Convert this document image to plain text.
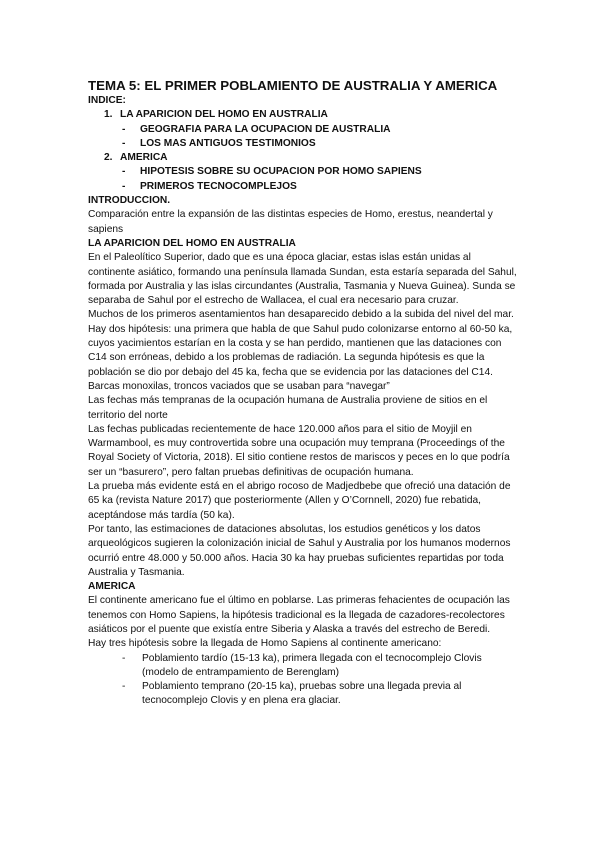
TEMA 5: EL PRIMER POBLAMIENTO DE AUSTRALIA Y AMERICA

INDICE:

1. LA APARICION DEL HOMO EN AUSTRALIA
- GEOGRAFIA PARA LA OCUPACION DE AUSTRALIA
- LOS MAS ANTIGUOS TESTIMONIOS
2. AMERICA
- HIPOTESIS SOBRE SU OCUPACION POR HOMO SAPIENS
- PRIMEROS TECNOCOMPLEJOS

INTRODUCCION.

Comparación entre la expansión de las distintas especies de Homo, erestus, neandertal y sapiens

LA APARICION DEL HOMO EN AUSTRALIA

En el Paleolítico Superior, dado que es una época glaciar, estas islas están unidas al continente asiático, formando una península llamada Sundan, esta estaría separada del Sahul, formada por Australia y las islas circundantes (Australia, Tasmania y Nueva Guinea). Sunda se separaba de Sahul por el estrecho de Wallacea, el cual era necesario para cruzar.

Muchos de los primeros asentamientos han desaparecido debido a la subida del nivel del mar. Hay dos hipótesis: una primera que habla de que Sahul pudo colonizarse entorno al 60-50 ka, cuyos yacimientos estarían en la costa y se han perdido, mantienen que las dataciones con C14 son erróneas, debido a los problemas de radiación. La segunda hipótesis es que la población se dio por debajo del 45 ka, fecha que se evidencia por las dataciones del C14.

Barcas monoxilas, troncos vaciados que se usaban para “navegar”

Las fechas más tempranas de la ocupación humana de Australia proviene de sitios en el territorio del norte

Las fechas publicadas recientemente de hace 120.000 años para el sitio de Moyjil en Warmambool, es muy controvertida sobre una ocupación muy temprana (Proceedings of the Royal Society of Victoria, 2018). El sitio contiene restos de mariscos y peces en lo que podría ser un “basurero”, pero faltan pruebas definitivas de ocupación humana.

La prueba más evidente está en el abrigo rocoso de Madjedbebe que ofreció una datación de 65 ka (revista Nature 2017) que posteriormente (Allen y O’Cornnell, 2020) fue rebatida, aceptándose más tardía (50 ka).

Por tanto, las estimaciones de dataciones absolutas, los estudios genéticos y los datos arqueológicos sugieren la colonización inicial de Sahul y Australia por los humanos modernos ocurrió entre 48.000 y 50.000 años. Hacia 30 ka hay pruebas suficientes repartidas por toda Australia y Tasmania.

AMERICA

El continente americano fue el último en poblarse. Las primeras fehacientes de ocupación las tenemos con Homo Sapiens, la hipótesis tradicional es la llegada de cazadores-recolectores asiáticos por el puente que existía entre Siberia y Alaska a través del estrecho de Beredi.

Hay tres hipótesis sobre la llegada de Homo Sapiens al continente americano:

- Poblamiento tardío (15-13 ka), primera llegada con el tecnocomplejo Clovis (modelo de entrampamiento de Berenglam)
- Poblamiento temprano (20-15 ka), pruebas sobre una llegada previa al tecnocomplejo Clovis y en plena era glaciar.
